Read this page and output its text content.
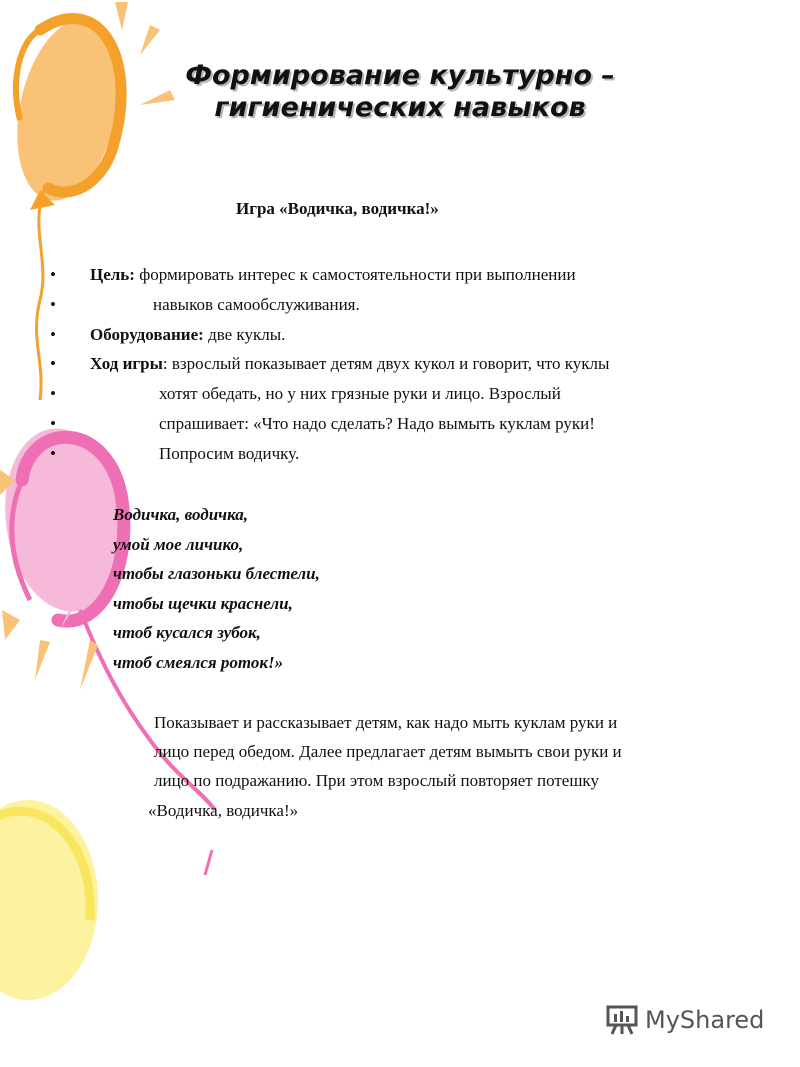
Формирование культурно –
гигиенических навыков
Игра «Водичка, водичка!»
• Цель: формировать интерес к самостоятельности при выполнении
•	навыков самообслуживания.
• Оборудование: две куклы.
• Ход игры: взрослый показывает детям двух кукол и говорит, что куклы
•	хотят обедать, но у них грязные руки и лицо. Взрослый
•	спрашивает: «Что надо сделать? Надо вымыть куклам руки!
•	Попросим водичку.
Водичка, водичка,
умой мое личико,
чтобы глазоньки блестели,
чтобы щечки краснели,
чтоб кусался зубок,
чтоб смеялся роток!»
Показывает и рассказывает детям, как надо мыть куклам руки и
лицо перед обедом. Далее предлагает детям вымыть свои руки и
лицо по подражанию. При этом взрослый повторяет потешку
«Водичка, водичка!»
MyShared
